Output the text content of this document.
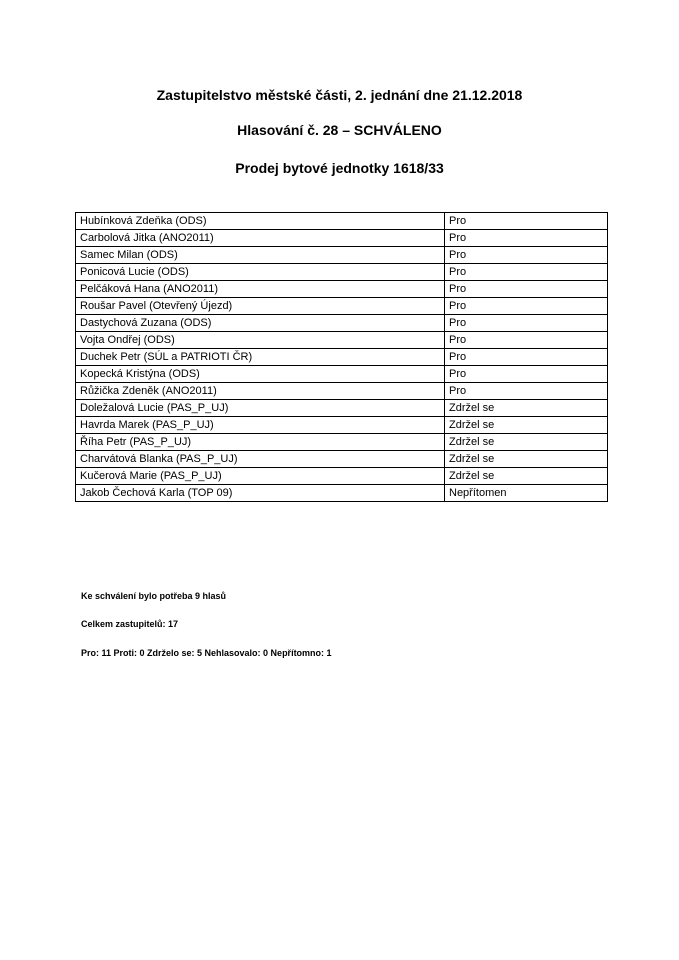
Zastupitelstvo městské části, 2. jednání dne 21.12.2018
Hlasování č. 28 – SCHVÁLENO
Prodej bytové jednotky 1618/33
Hubínková Zdeňka (ODS)	Pro
Carbolová Jitka (ANO2011)	Pro
Samec Milan (ODS)	Pro
Ponicová Lucie (ODS)	Pro
Pelčáková Hana (ANO2011)	Pro
Roušar Pavel (Otevřený Újezd)	Pro
Dastychová Zuzana (ODS)	Pro
Vojta Ondřej (ODS)	Pro
Duchek Petr (SÚL a PATRIOTI ČR)	Pro
Kopecká Kristýna (ODS)	Pro
Růžička Zdeněk (ANO2011)	Pro
Doležalová Lucie (PAS_P_UJ)	Zdržel se
Havrda Marek (PAS_P_UJ)	Zdržel se
Říha Petr (PAS_P_UJ)	Zdržel se
Charvátová Blanka (PAS_P_UJ)	Zdržel se
Kučerová Marie (PAS_P_UJ)	Zdržel se
Jakob Čechová Karla (TOP 09)	Nepřítomen
Ke schválení bylo potřeba 9 hlasů
Celkem zastupitelů: 17
Pro: 11 Proti: 0 Zdrželo se: 5 Nehlasovalo: 0 Nepřítomno: 1
